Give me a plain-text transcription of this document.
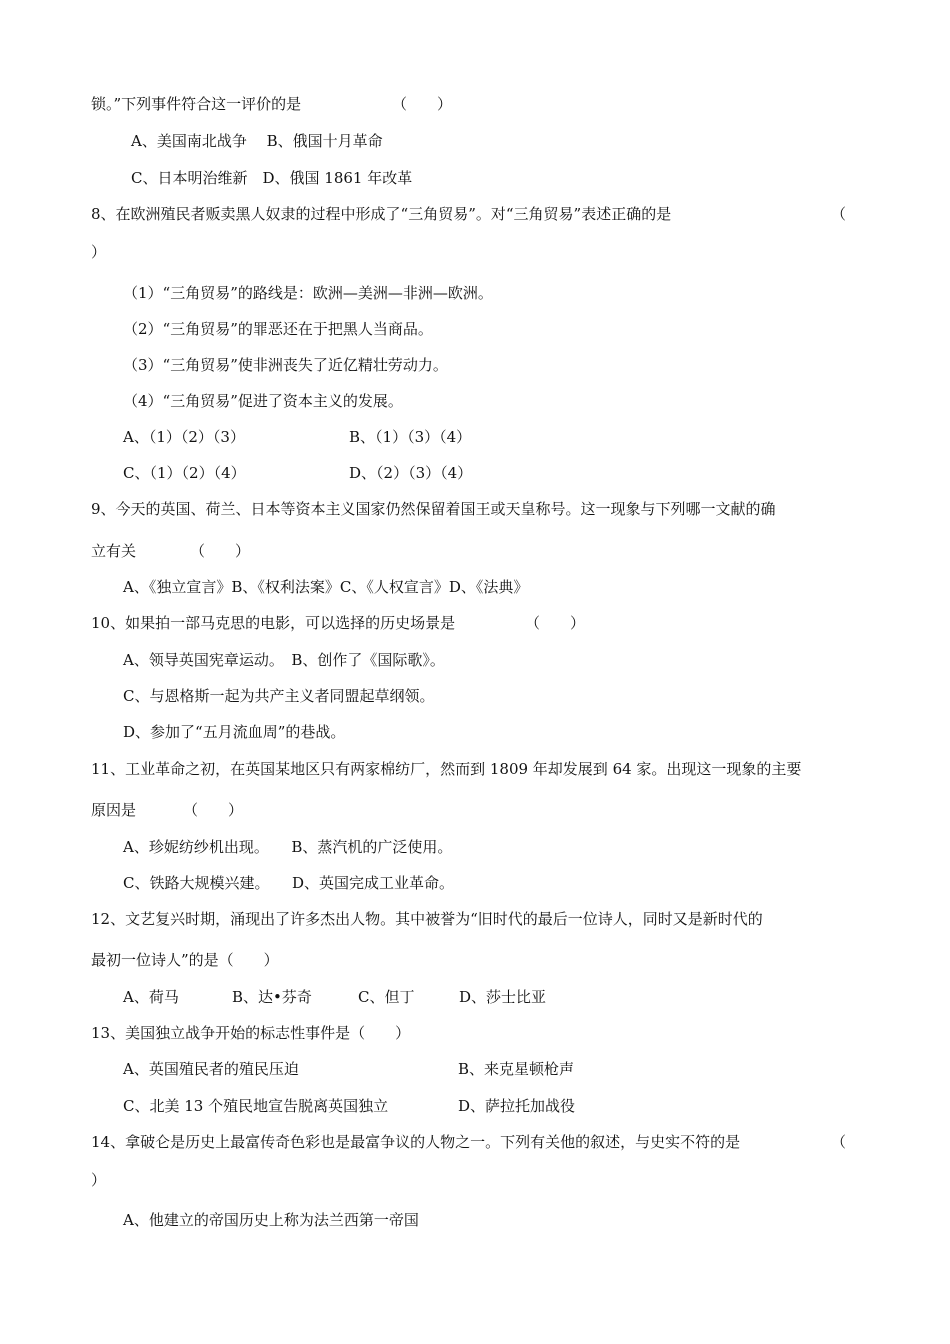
锁。”下列事件符合这一评价的是	（　　）
A、美国南北战争　 B、俄国十月革命
C、日本明治维新　D、俄国 1861 年改革
8、在欧洲殖民者贩卖黑人奴隶的过程中形成了“三角贸易”。对“三角贸易”表述正确的是	（
）
（1）“三角贸易”的路线是：欧洲—美洲—非洲—欧洲。
（2）“三角贸易”的罪恶还在于把黑人当商品。
（3）“三角贸易”使非洲丧失了近亿精壮劳动力。
（4）“三角贸易”促进了资本主义的发展。
A、（1）（2）（3）	B、（1）（3）（4）
C、（1）（2）（4）	D、（2）（3）（4）
9、今天的英国、荷兰、日本等资本主义国家仍然保留着国王或天皇称号。这一现象与下列哪一文献的确
立有关	（　　）
A、《独立宣言》B、《权利法案》C、《人权宣言》D、《法典》
10、如果拍一部马克思的电影，可以选择的历史场景是	（　　）
A、领导英国宪章运动。　B、创作了《国际歌》。
C、与恩格斯一起为共产主义者同盟起草纲领。
D、参加了“五月流血周”的巷战。
11、工业革命之初，在英国某地区只有两家棉纺厂，然而到 1809 年却发展到 64 家。出现这一现象的主要
原因是	（　　）
A、珍妮纺纱机出现。　　B、蒸汽机的广泛使用。
C、铁路大规模兴建。　　D、英国完成工业革命。
12、文艺复兴时期，涌现出了许多杰出人物。其中被誉为“旧时代的最后一位诗人，同时又是新时代的
最初一位诗人”的是（　　）
A、荷马	B、达•芬奇	C、但丁	D、莎士比亚
13、美国独立战争开始的标志性事件是（　　）
A、英国殖民者的殖民压迫	B、来克星顿枪声
C、北美 13 个殖民地宣告脱离英国独立	D、萨拉托加战役
14、拿破仑是历史上最富传奇色彩也是最富争议的人物之一。下列有关他的叙述，与史实不符的是	（
）
A、他建立的帝国历史上称为法兰西第一帝国
